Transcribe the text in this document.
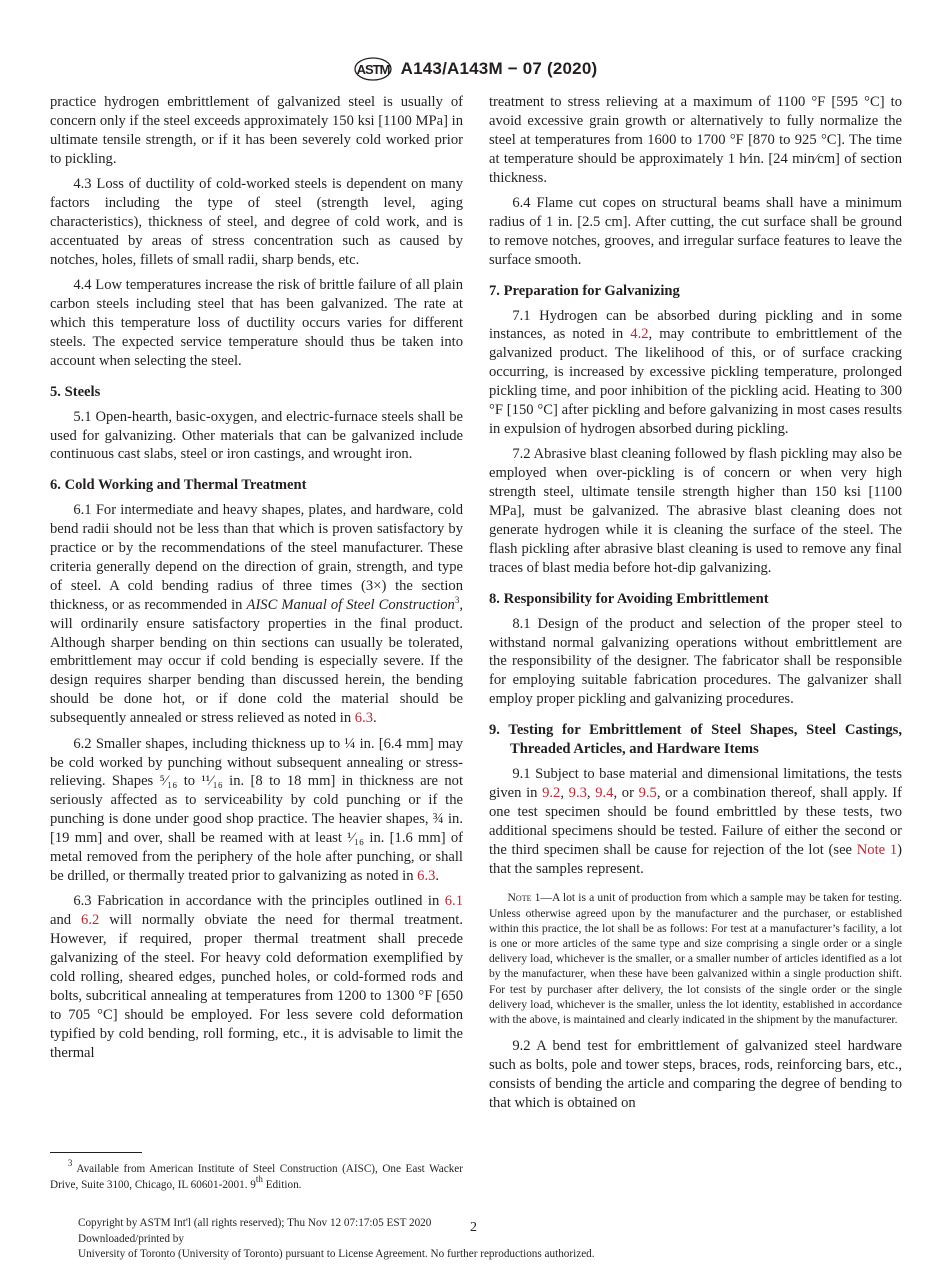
ASTM A143/A143M − 07 (2020)

practice hydrogen embrittlement of galvanized steel is usually of concern only if the steel exceeds approximately 150 ksi [1100 MPa] in ultimate tensile strength, or if it has been severely cold worked prior to pickling.

4.3 Loss of ductility of cold-worked steels is dependent on many factors including the type of steel (strength level, aging characteristics), thickness of steel, and degree of cold work, and is accentuated by areas of stress concentration such as caused by notches, holes, fillets of small radii, sharp bends, etc.

4.4 Low temperatures increase the risk of brittle failure of all plain carbon steels including steel that has been galvanized. The rate at which this temperature loss of ductility occurs varies for different steels. The expected service temperature should thus be taken into account when selecting the steel.

5. Steels

5.1 Open-hearth, basic-oxygen, and electric-furnace steels shall be used for galvanizing. Other materials that can be galvanized include continuous cast slabs, steel or iron castings, and wrought iron.

6. Cold Working and Thermal Treatment

6.1 For intermediate and heavy shapes, plates, and hardware, cold bend radii should not be less than that which is proven satisfactory by practice or by the recommendations of the steel manufacturer. These criteria generally depend on the direction of grain, strength, and type of steel. A cold bending radius of three times (3×) the section thickness, or as recommended in AISC Manual of Steel Construction$^3$, will ordinarily ensure satisfactory properties in the final product. Although sharper bending on thin sections can usually be tolerated, embrittlement may occur if cold bending is especially severe. If the design requires sharper bending than discussed herein, the bending should be done hot, or if done cold the material should be subsequently annealed or stress relieved as noted in 6.3.

6.2 Smaller shapes, including thickness up to ¼ in. [6.4 mm] may be cold worked by punching without subsequent annealing or stress-relieving. Shapes ⁵⁄₁₆ to ¹¹⁄₁₆ in. [8 to 18 mm] in thickness are not seriously affected as to serviceability by cold punching or if the punching is done under good shop practice. The heavier shapes, ¾ in. [19 mm] and over, shall be reamed with at least ¹⁄₁₆ in. [1.6 mm] of metal removed from the periphery of the hole after punching, or shall be drilled, or thermally treated prior to galvanizing as noted in 6.3.

6.3 Fabrication in accordance with the principles outlined in 6.1 and 6.2 will normally obviate the need for thermal treatment. However, if required, proper thermal treatment shall precede galvanizing of the steel. For heavy cold deformation exemplified by cold rolling, sheared edges, punched holes, or cold-formed rods and bolts, subcritical annealing at temperatures from 1200 to 1300 °F [650 to 705 °C] should be employed. For less severe cold deformation typified by cold bending, roll forming, etc., it is advisable to limit the thermal

treatment to stress relieving at a maximum of 1100 °F [595 °C] to avoid excessive grain growth or alternatively to fully normalize the steel at temperatures from 1600 to 1700 °F [870 to 925 °C]. The time at temperature should be approximately 1 h⁄in. [24 min⁄cm] of section thickness.

6.4 Flame cut copes on structural beams shall have a minimum radius of 1 in. [2.5 cm]. After cutting, the cut surface shall be ground to remove notches, grooves, and irregular surface features to leave the surface smooth.

7. Preparation for Galvanizing

7.1 Hydrogen can be absorbed during pickling and in some instances, as noted in 4.2, may contribute to embrittlement of the galvanized product. The likelihood of this, or of surface cracking occurring, is increased by excessive pickling temperature, prolonged pickling time, and poor inhibition of the pickling acid. Heating to 300 °F [150 °C] after pickling and before galvanizing in most cases results in expulsion of hydrogen absorbed during pickling.

7.2 Abrasive blast cleaning followed by flash pickling may also be employed when over-pickling is of concern or when very high strength steel, ultimate tensile strength higher than 150 ksi [1100 MPa], must be galvanized. The abrasive blast cleaning does not generate hydrogen while it is cleaning the surface of the steel. The flash pickling after abrasive blast cleaning is used to remove any final traces of blast media before hot-dip galvanizing.

8. Responsibility for Avoiding Embrittlement

8.1 Design of the product and selection of the proper steel to withstand normal galvanizing operations without embrittlement are the responsibility of the designer. The fabricator shall be responsible for employing suitable fabrication procedures. The galvanizer shall employ proper pickling and galvanizing procedures.

9. Testing for Embrittlement of Steel Shapes, Steel Castings, Threaded Articles, and Hardware Items

9.1 Subject to base material and dimensional limitations, the tests given in 9.2, 9.3, 9.4, or 9.5, or a combination thereof, shall apply. If one test specimen should be found embrittled by these tests, two additional specimens should be tested. Failure of either the second or the third specimen shall be cause for rejection of the lot (see Note 1) that the samples represent.

Note 1—A lot is a unit of production from which a sample may be taken for testing. Unless otherwise agreed upon by the manufacturer and the purchaser, or established within this practice, the lot shall be as follows: For test at a manufacturer’s facility, a lot is one or more articles of the same type and size comprising a single order or a single delivery load, whichever is the smaller, or a smaller number of articles identified as a lot by the manufacturer, when these have been galvanized within a single production shift. For test by purchaser after delivery, the lot consists of the single order or the single delivery load, whichever is the smaller, unless the lot identity, established in accordance with the above, is maintained and clearly indicated in the shipment by the manufacturer.

9.2 A bend test for embrittlement of galvanized steel hardware such as bolts, pole and tower steps, braces, rods, reinforcing bars, etc., consists of bending the article and comparing the degree of bending to that which is obtained on

$^3$ Available from American Institute of Steel Construction (AISC), One East Wacker Drive, Suite 3100, Chicago, IL 60601-2001. 9th Edition.

Copyright by ASTM Int'l (all rights reserved); Thu Nov 12 07:17:05 EST 2020
Downloaded/printed by
University of Toronto (University of Toronto) pursuant to License Agreement. No further reproductions authorized.
2
